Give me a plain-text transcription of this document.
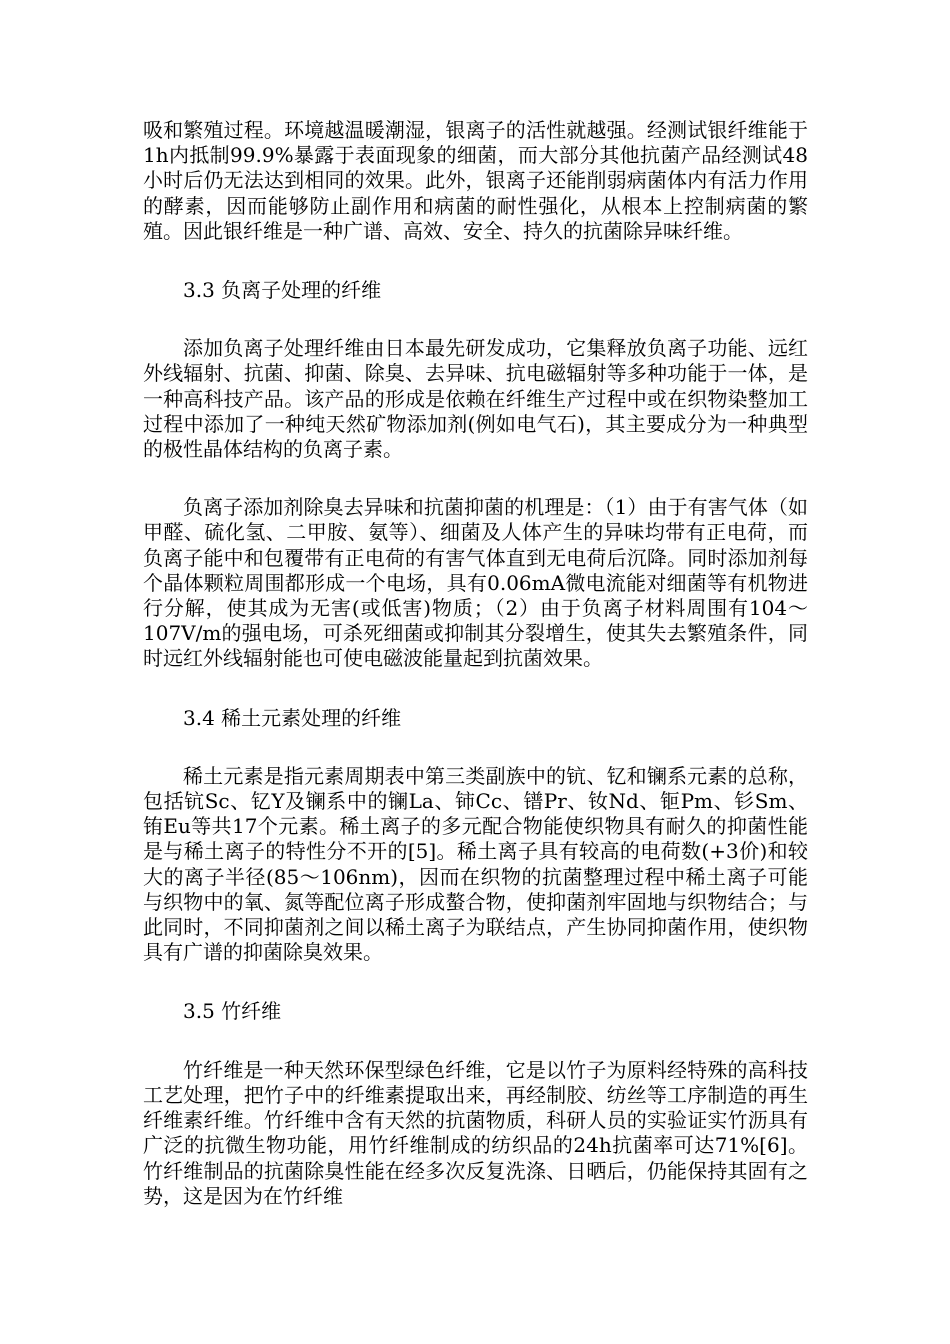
吸和繁殖过程。环境越温暖潮湿，银离子的活性就越强。经测试银纤维能于1h内抵制99.9%暴露于表面现象的细菌，而大部分其他抗菌产品经测试48小时后仍无法达到相同的效果。此外，银离子还能削弱病菌体内有活力作用的酵素，因而能够防止副作用和病菌的耐性强化，从根本上控制病菌的繁殖。因此银纤维是一种广谱、高效、安全、持久的抗菌除异味纤维。

3.3 负离子处理的纤维

添加负离子处理纤维由日本最先研发成功，它集释放负离子功能、远红外线辐射、抗菌、抑菌、除臭、去异味、抗电磁辐射等多种功能于一体，是一种高科技产品。该产品的形成是依赖在纤维生产过程中或在织物染整加工过程中添加了一种纯天然矿物添加剂(例如电气石)，其主要成分为一种典型的极性晶体结构的负离子素。

负离子添加剂除臭去异味和抗菌抑菌的机理是：（1）由于有害气体（如甲醛、硫化氢、二甲胺、氨等）、细菌及人体产生的异味均带有正电荷，而负离子能中和包覆带有正电荷的有害气体直到无电荷后沉降。同时添加剂每个晶体颗粒周围都形成一个电场，具有0.06mA微电流能对细菌等有机物进行分解，使其成为无害(或低害)物质；（2）由于负离子材料周围有104～107V/m的强电场，可杀死细菌或抑制其分裂增生，使其失去繁殖条件，同时远红外线辐射能也可使电磁波能量起到抗菌效果。

3.4 稀土元素处理的纤维

稀土元素是指元素周期表中第三类副族中的钪、钇和镧系元素的总称，包括钪Sc、钇Y及镧系中的镧La、铈Cc、镨Pr、钕Nd、钷Pm、钐Sm、铕Eu等共17个元素。稀土离子的多元配合物能使织物具有耐久的抑菌性能是与稀土离子的特性分不开的[5]。稀土离子具有较高的电荷数(+3价)和较大的离子半径(85～106nm)，因而在织物的抗菌整理过程中稀土离子可能与织物中的氧、氮等配位离子形成螯合物，使抑菌剂牢固地与织物结合；与此同时，不同抑菌剂之间以稀土离子为联结点，产生协同抑菌作用，使织物具有广谱的抑菌除臭效果。

3.5 竹纤维

竹纤维是一种天然环保型绿色纤维，它是以竹子为原料经特殊的高科技工艺处理，把竹子中的纤维素提取出来，再经制胶、纺丝等工序制造的再生纤维素纤维。竹纤维中含有天然的抗菌物质，科研人员的实验证实竹沥具有广泛的抗微生物功能，用竹纤维制成的纺织品的24h抗菌率可达71%[6]。竹纤维制品的抗菌除臭性能在经多次反复洗涤、日晒后，仍能保持其固有之势，这是因为在竹纤维
